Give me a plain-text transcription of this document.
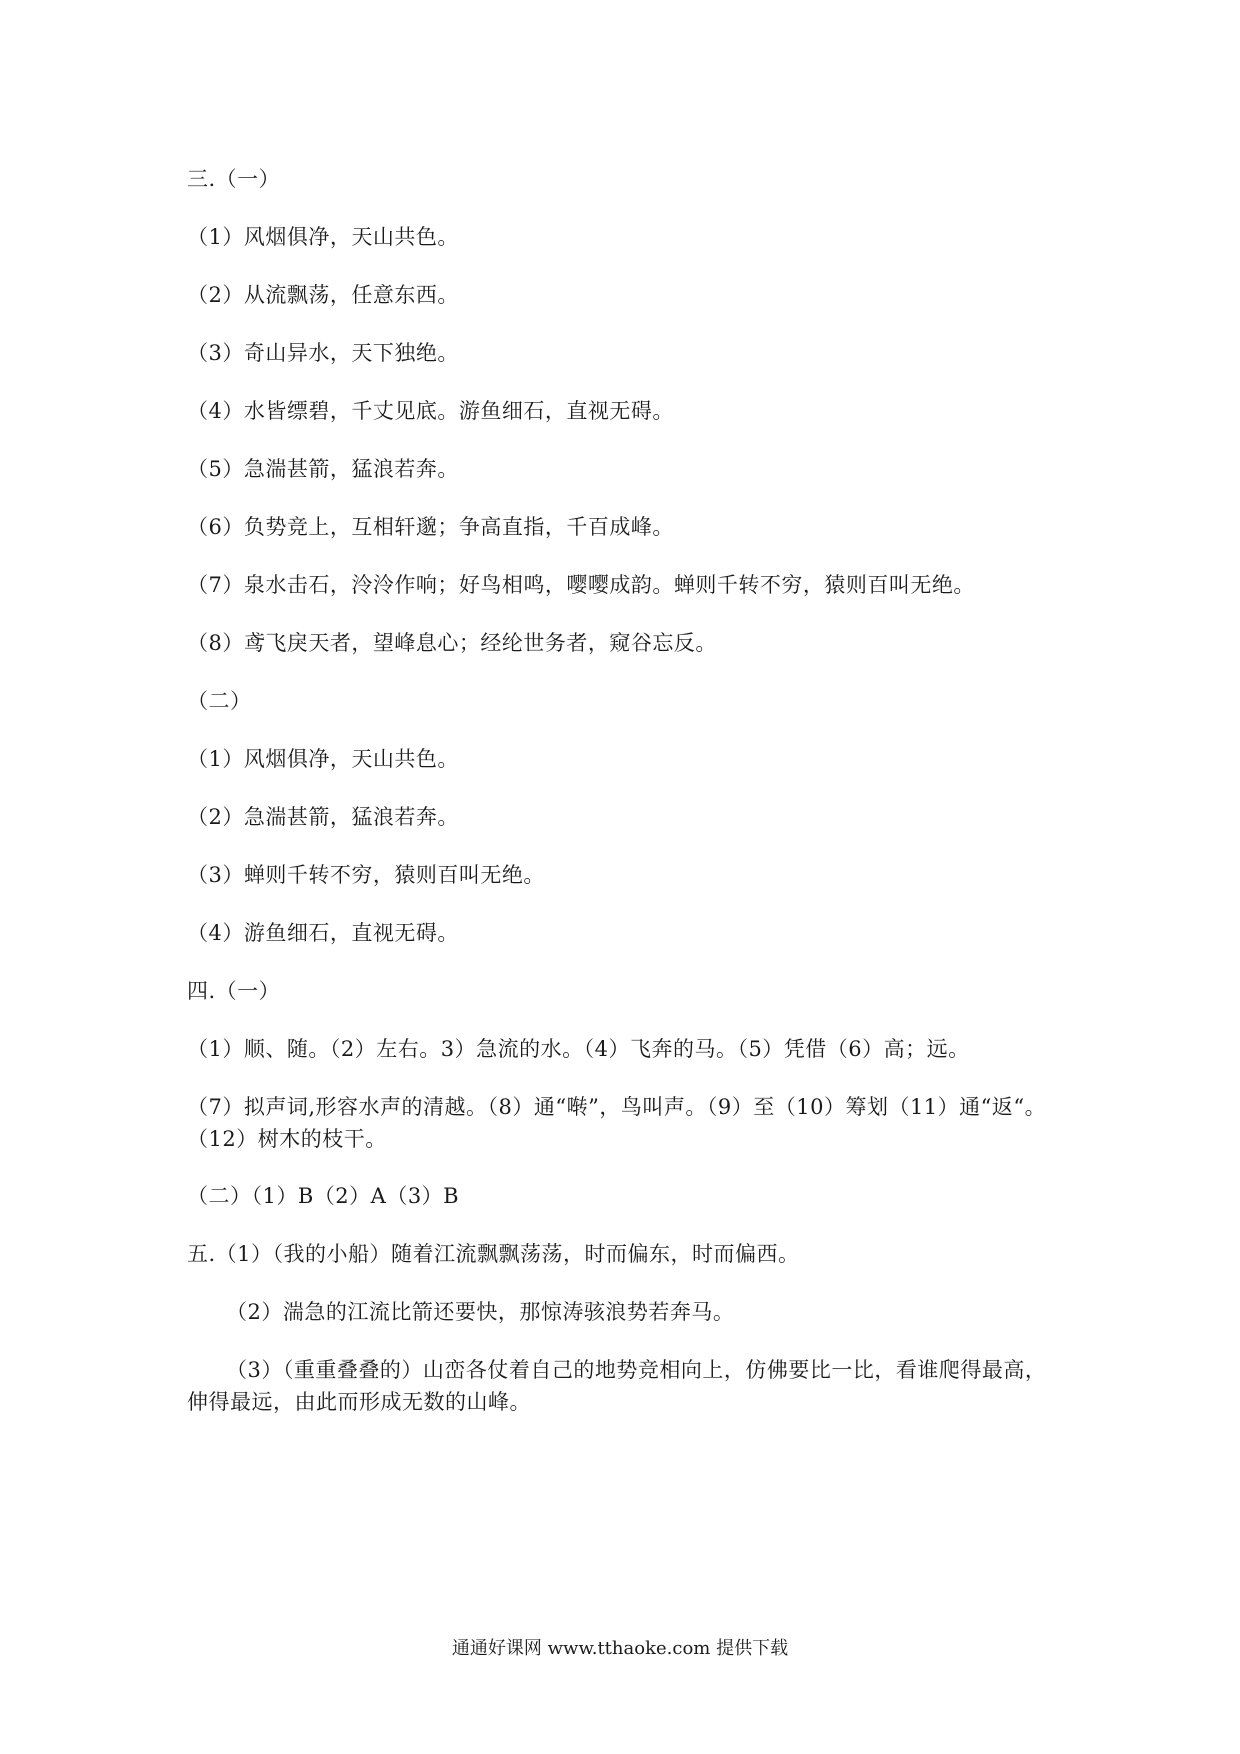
三.（一）
（1）风烟俱净，天山共色。
（2）从流飘荡，任意东西。
（3）奇山异水，天下独绝。
（4）水皆缥碧，千丈见底。游鱼细石，直视无碍。
（5）急湍甚箭，猛浪若奔。
（6）负势竞上，互相轩邈；争高直指，千百成峰。
（7）泉水击石，泠泠作响；好鸟相鸣，嘤嘤成韵。蝉则千转不穷，猿则百叫无绝。
（8）鸢飞戾天者，望峰息心；经纶世务者，窥谷忘反。
（二）
（1）风烟俱净，天山共色。
（2）急湍甚箭，猛浪若奔。
（3）蝉则千转不穷，猿则百叫无绝。
（4）游鱼细石，直视无碍。
四.（一）
（1）顺、随。（2）左右。3）急流的水。（4）飞奔的马。（5）凭借（6）高；远。
（7）拟声词,形容水声的清越。（8）通“啭”，鸟叫声。（9）至（10）筹划（11）通“返“。（12）树木的枝干。
（二）（1）B（2）A（3）B
五.（1）（我的小船）随着江流飘飘荡荡，时而偏东，时而偏西。
（2）湍急的江流比箭还要快，那惊涛骇浪势若奔马。
（3）（重重叠叠的）山峦各仗着自己的地势竞相向上，仿佛要比一比，看谁爬得最高，伸得最远，由此而形成无数的山峰。
通通好课网 www.tthaoke.com 提供下载
